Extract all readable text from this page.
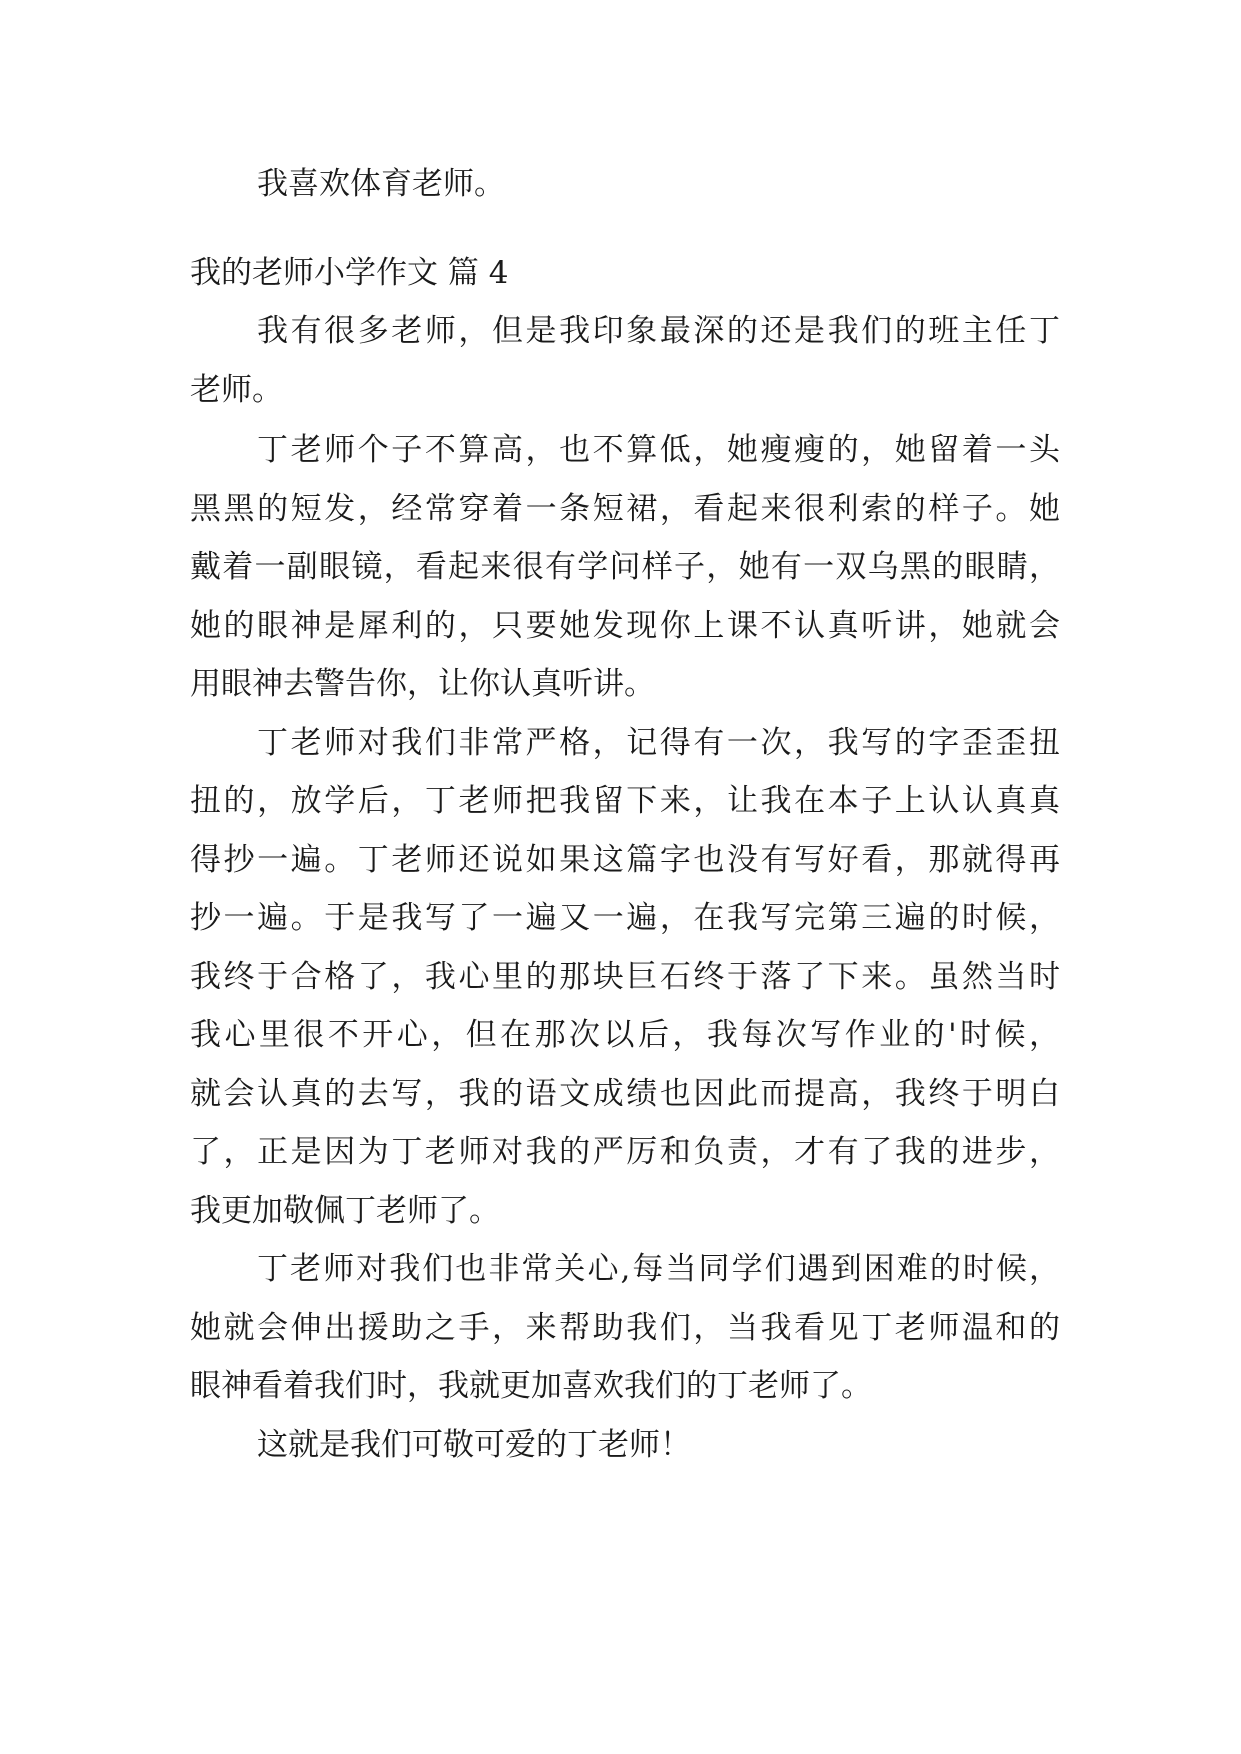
我喜欢体育老师。

我的老师小学作文 篇 4

我有很多老师，但是我印象最深的还是我们的班主任丁

老师。

丁老师个子不算高，也不算低，她瘦瘦的，她留着一头

黑黑的短发，经常穿着一条短裙，看起来很利索的样子。她

戴着一副眼镜，看起来很有学问样子，她有一双乌黑的眼睛，

她的眼神是犀利的，只要她发现你上课不认真听讲，她就会

用眼神去警告你，让你认真听讲。

丁老师对我们非常严格，记得有一次，我写的字歪歪扭

扭的，放学后，丁老师把我留下来，让我在本子上认认真真

得抄一遍。丁老师还说如果这篇字也没有写好看，那就得再

抄一遍。于是我写了一遍又一遍，在我写完第三遍的时候，

我终于合格了，我心里的那块巨石终于落了下来。虽然当时

我心里很不开心，但在那次以后，我每次写作业的'时候，

就会认真的去写，我的语文成绩也因此而提高，我终于明白

了，正是因为丁老师对我的严厉和负责，才有了我的进步，

我更加敬佩丁老师了。

丁老师对我们也非常关心,每当同学们遇到困难的时候，

她就会伸出援助之手，来帮助我们，当我看见丁老师温和的

眼神看着我们时，我就更加喜欢我们的丁老师了。

这就是我们可敬可爱的丁老师！
